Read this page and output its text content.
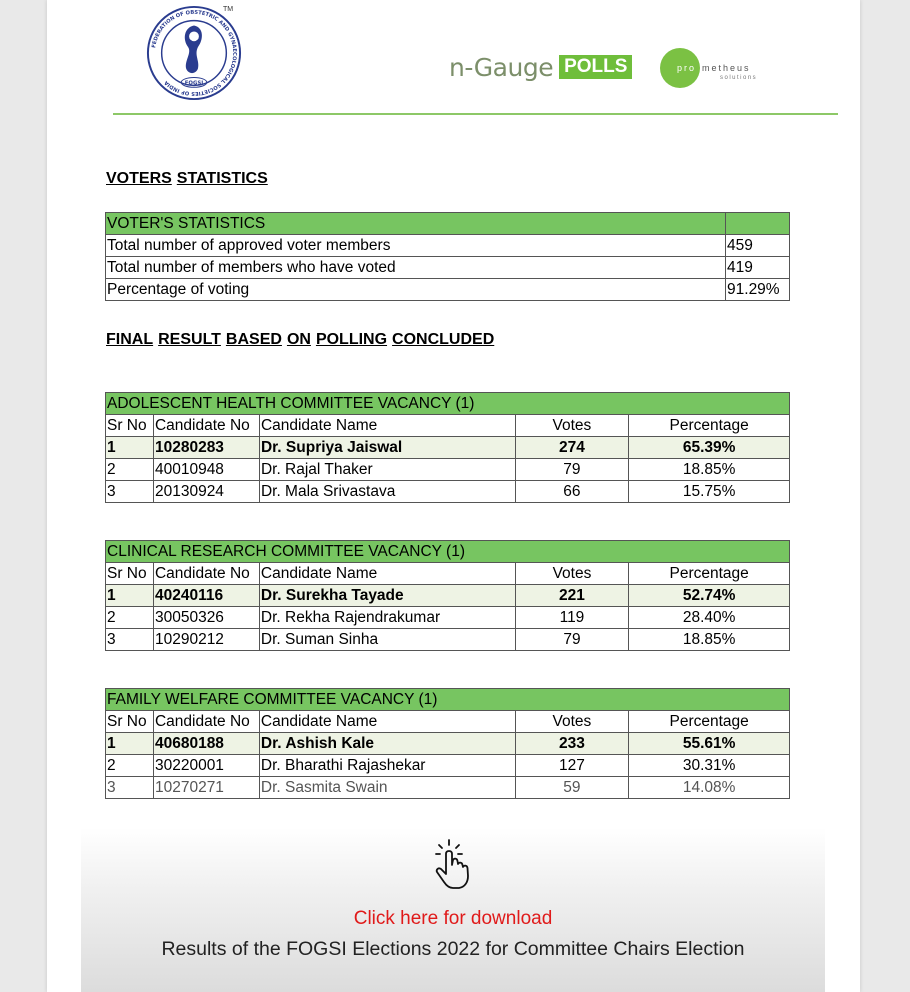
FEDERATION OF OBSTETRIC AND GYNAECOLOGICAL SOCIETIES OF INDIA	FOGSI
TM
n-Gauge POLLS	pro metheus
solutions
VOTERS STATISTICS
VOTER'S STATISTICS	
Total number of approved voter members	459
Total number of members who have voted	419
Percentage of voting	91.29%
FINAL RESULT BASED ON POLLING CONCLUDED
ADOLESCENT HEALTH COMMITTEE VACANCY (1)				
Sr No	Candidate No	Candidate Name	Votes	Percentage
1	10280283	Dr. Supriya Jaiswal	274	65.39%
2	40010948	Dr. Rajal Thaker	79	18.85%
3	20130924	Dr. Mala Srivastava	66	15.75%
CLINICAL RESEARCH COMMITTEE VACANCY (1)				
Sr No	Candidate No	Candidate Name	Votes	Percentage
1	40240116	Dr. Surekha Tayade	221	52.74%
2	30050326	Dr. Rekha Rajendrakumar	119	28.40%
3	10290212	Dr. Suman Sinha	79	18.85%
FAMILY WELFARE COMMITTEE VACANCY (1)				
Sr No	Candidate No	Candidate Name	Votes	Percentage
1	40680188	Dr. Ashish Kale	233	55.61%
2	30220001	Dr. Bharathi Rajashekar	127	30.31%
3	10270271	Dr. Sasmita Swain	59	14.08%
Click here for download
Results of the FOGSI Elections 2022 for Committee Chairs Election
